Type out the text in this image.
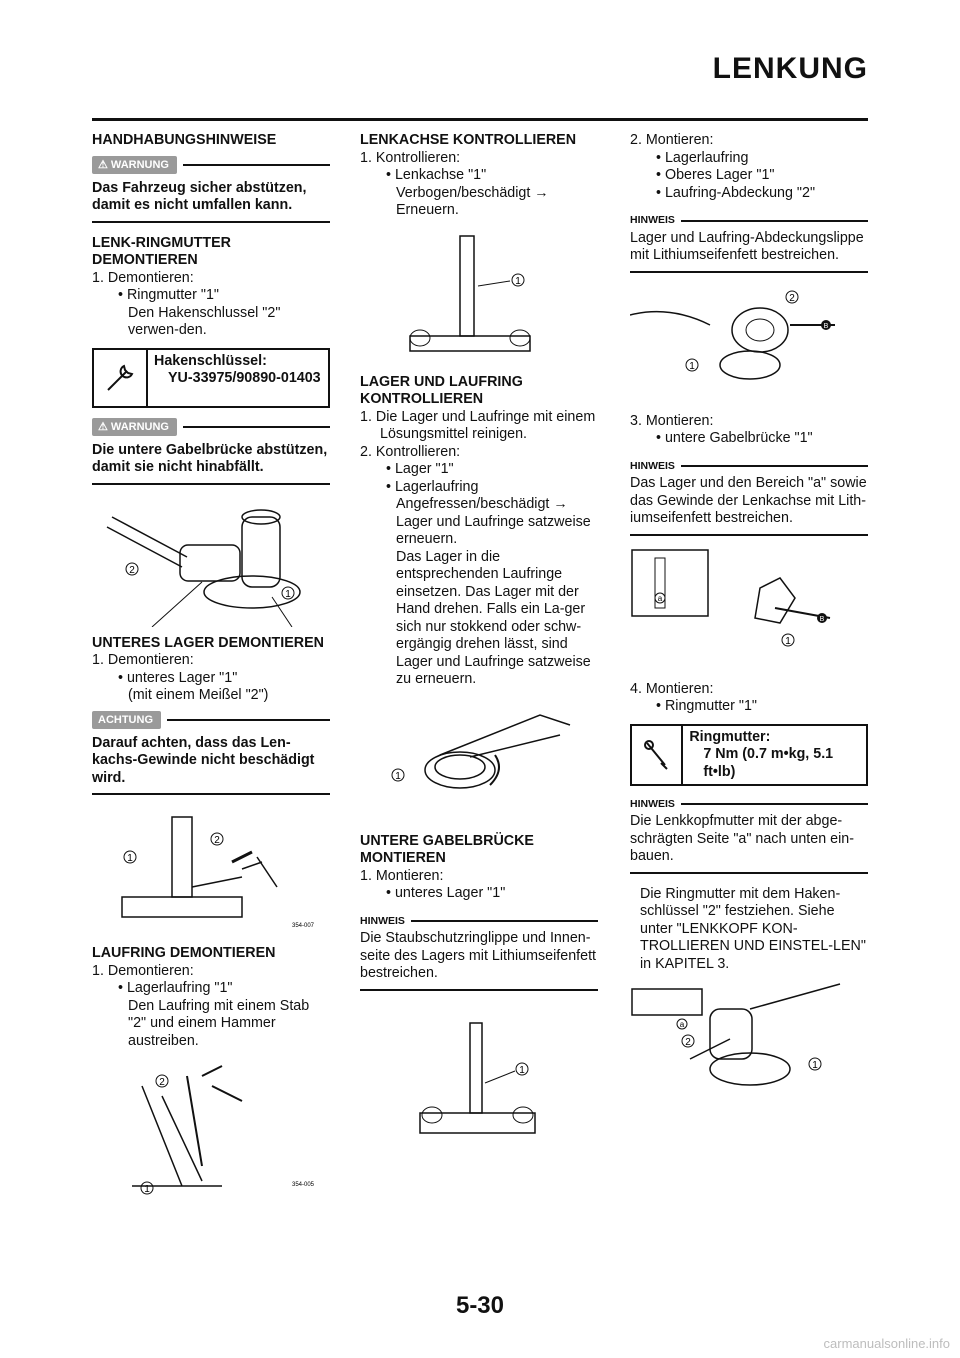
LENKUNG

HANDHABUNGSHINWEISE

⚠ WARNUNG

Das Fahrzeug sicher abstützen, damit es nicht umfallen kann.

LENK-RINGMUTTER DEMONTIEREN

1. Demontieren:

• Ringmutter "1"

Den Hakenschlussel "2" verwen-den.

Hakenschlüssel:
YU-33975/90890-01403
⚠ WARNUNG

Die untere Gabelbrücke abstützen, damit sie nicht hinabfällt.

2
1

UNTERES LAGER DEMONTIEREN

1. Demontieren:

• unteres Lager "1"

(mit einem Meißel "2")

ACHTUNG

Darauf achten, dass das Len-kachs-Gewinde nicht beschädigt wird.

1
2
354-007

LAUFRING DEMONTIEREN

1. Demontieren:

• Lagerlaufring "1"

Den Laufring mit einem Stab "2" und einem Hammer austreiben.

2
1	354-005

LENKACHSE KONTROLLIEREN

1. Kontrollieren:

• Lenkachse "1"

Verbogen/beschädigt → Erneuern.

1

LAGER UND LAUFRING KONTROLLIEREN

1. Die Lager und Laufringe mit einem Lösungsmittel reinigen.

2. Kontrollieren:

• Lager "1"

• Lagerlaufring

Angefressen/beschädigt → Lager und Laufringe satzweise erneuern.

Das Lager in die entsprechenden Laufringe einsetzen. Das Lager mit der Hand drehen. Falls ein La-ger sich nur stokkend oder schw-ergängig drehen lässt, sind Lager und Laufringe satzweise zu erneuern.

1

UNTERE GABELBRÜCKE MONTIEREN

1. Montieren:

• unteres Lager "1"

HINWEIS

Die Staubschutzringlippe und Innen-seite des Lagers mit Lithiumseifenfett bestreichen.

1

2. Montieren:

• Lagerlaufring

• Oberes Lager "1"

• Laufring-Abdeckung "2"

HINWEIS

Lager und Laufring-Abdeckungslippe mit Lithiumseifenfett bestreichen.

B
2
1

3. Montieren:

• untere Gabelbrücke "1"

HINWEIS

Das Lager und den Bereich "a" sowie das Gewinde der Lenkachse mit Lith-iumseifenfett bestreichen.

a
B
1

4. Montieren:

• Ringmutter "1"

Ringmutter:
7 Nm (0.7 m•kg, 5.1 ft•lb)
HINWEIS

Die Lenkkopfmutter mit der abge-schrägten Seite "a" nach unten ein-bauen.

Die Ringmutter mit dem Haken-schlüssel "2" festziehen. Siehe unter "LENKKOPF KON-TROLLIEREN UND EINSTEL-LEN" in KAPITEL 3.

a
2
1
5-30
carmanualsonline.info
